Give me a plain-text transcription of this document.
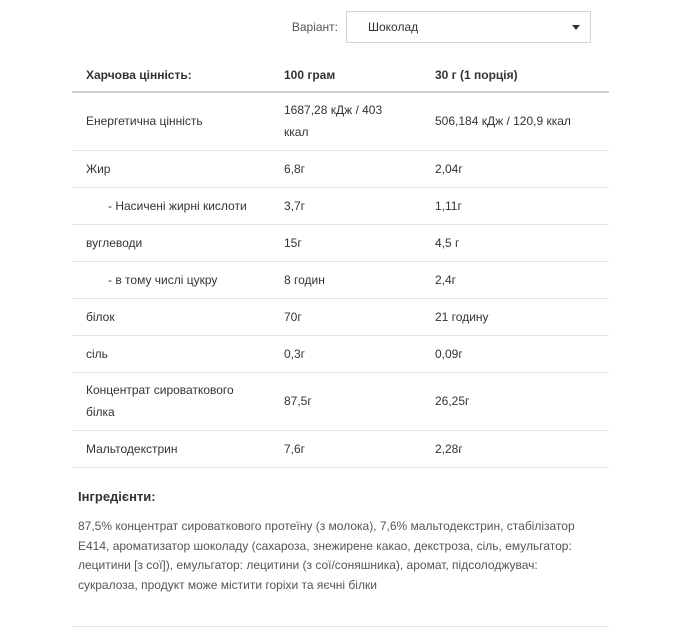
Варіант:	Шоколад
Харчова цінність:	100 грам	30 г (1 порція)
Енергетична цінність	1687,28 кДж / 403 ккал	506,184 кДж / 120,9 ккал
Жир	6,8г	2,04г
- Насичені жирні кислоти	3,7г	1,11г
вуглеводи	15г	4,5 г
- в тому числі цукру	8 годин	2,4г
білок	70г	21 годину
сіль	0,3г	0,09г
Концентрат сироваткового білка	87,5г	26,25г
Мальтодекстрин	7,6г	2,28г
Інгредієнти:
87,5% концентрат сироваткового протеїну (з молока), 7,6% мальтодекстрин, стабілізатор E414, ароматизатор шоколаду (сахароза, знежирене какао, декстроза, сіль, емульгатор: лецитини [з сої]), емульгатор: лецитини (з сої/соняшника), аромат, підсолоджувач: сукралоза, продукт може містити горіхи та яєчні білки
